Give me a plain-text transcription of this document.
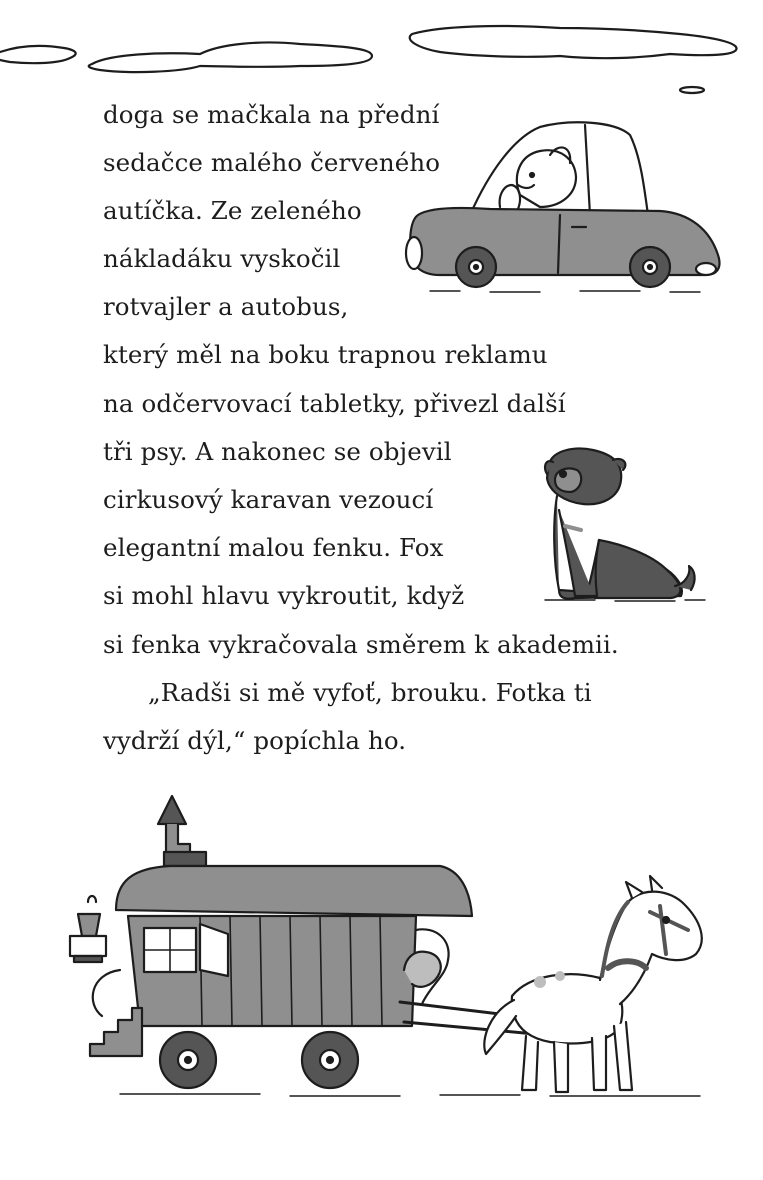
doga se mačkala na přední

sedačce malého červeného

autíčka. Ze zeleného

nákladáku vyskočil

rotvajler a autobus,

který měl na boku trapnou reklamu

na odčervovací tabletky, přivezl další

tři psy. A nakonec se objevil

cirkusový karavan vezoucí

elegantní malou fenku. Fox

si mohl hlavu vykroutit, když

si fenka vykračovala směrem k akademii.

„Radši si mě vyfoť, brouku. Fotka ti

vydrží dýl,“ popíchla ho.
